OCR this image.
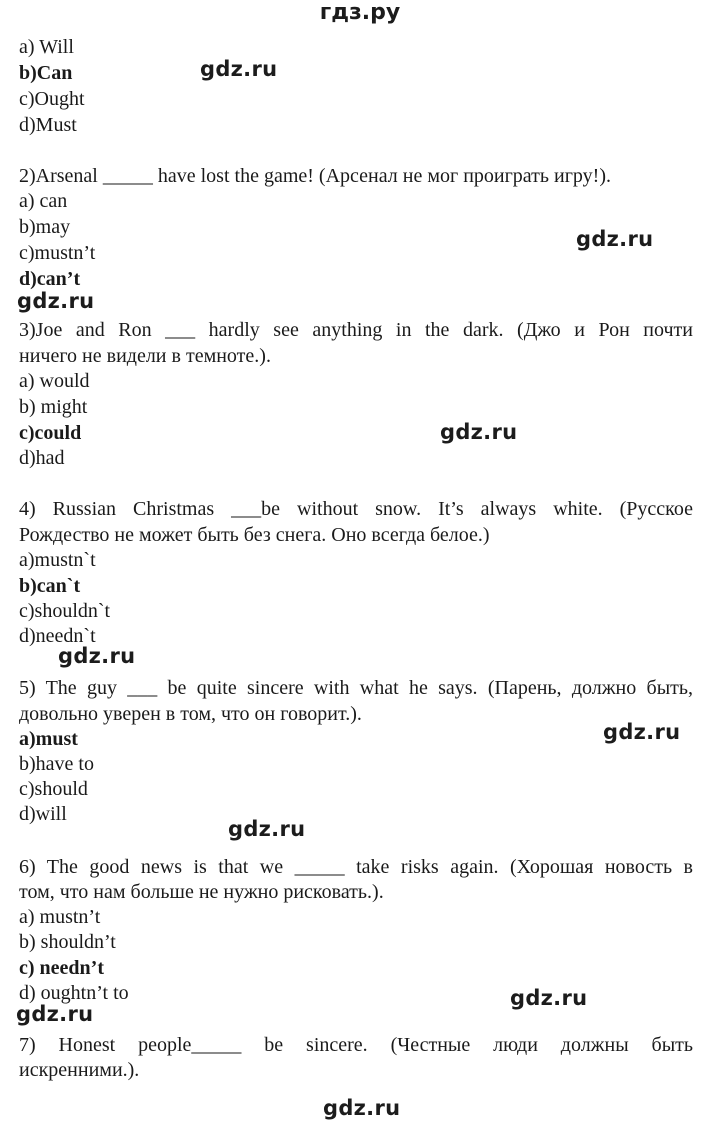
гдз.ру
a) Will
b)Can
c)Ought
d)Must
2)Arsenal _____ have lost the game! (Арсенал не мог проиграть игру!).
a) can
b)may
c)mustn’t
d)can’t
3)Joe and Ron ___ hardly see anything in the dark. (Джо и Рон почти
ничего не видели в темноте.).
a) would
b) might
c)could
d)had
4) Russian Christmas ___be without snow. It’s always white. (Русское
Рождество не может быть без снега. Оно всегда белое.)
a)mustn`t
b)can`t
c)shouldn`t
d)needn`t
5) The guy ___ be quite sincere with what he says. (Парень, должно быть,
довольно уверен в том, что он говорит.).
a)must
b)have to
c)should
d)will
6) The good news is that we _____ take risks again. (Хорошая новость в
том, что нам больше не нужно рисковать.).
a) mustn’t
b) shouldn’t
c) needn’t
d) oughtn’t to
7) Honest people_____ be sincere. (Честные люди должны быть
искренними.).
gdz.ru
gdz.ru
gdz.ru
gdz.ru
gdz.ru
gdz.ru
gdz.ru
gdz.ru
gdz.ru
gdz.ru
